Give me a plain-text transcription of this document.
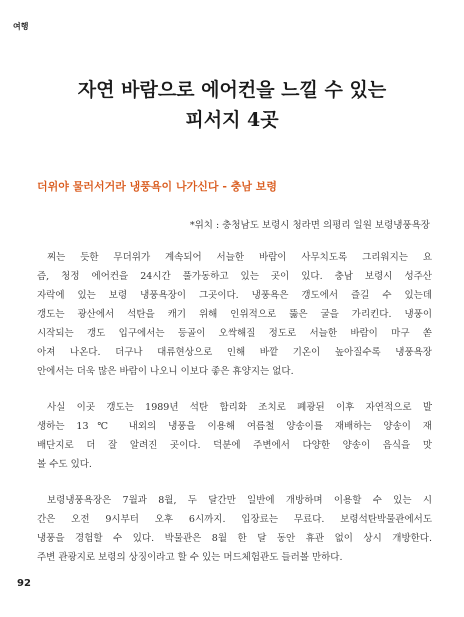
여행

자연 바람으로 에어컨을 느낄 수 있는
피서지 4곳
더위야 물러서거라 냉풍욕이 나가신다 - 충남 보령

*위치 : 충청남도 보령시 청라면 의평리 일원 보령냉풍욕장

찌는 듯한 무더위가 계속되어 서늘한 바람이 사무치도록 그리워지는 요
즘, 청정 에어컨을 24시간 풀가동하고 있는 곳이 있다. 충남 보령시 성주산
자락에 있는 보령 냉풍욕장이 그곳이다. 냉풍욕은 갱도에서 즐길 수 있는데
갱도는 광산에서 석탄을 캐기 위해 인위적으로 뚫은 굴을 가리킨다. 냉풍이
시작되는 갱도 입구에서는 등골이 오싹해질 정도로 서늘한 바람이 마구 쏟
아져 나온다. 더구나 대류현상으로 인해 바깥 기온이 높아질수록 냉풍욕장
안에서는 더욱 많은 바람이 나오니 이보다 좋은 휴양지는 없다.

사실 이곳 갱도는 1989년 석탄 합리화 조치로 폐광된 이후 자연적으로 발
생하는 13℃ 내외의 냉풍을 이용해 여름철 양송이를 재배하는 양송이 재
배단지로 더 잘 알려진 곳이다. 덕분에 주변에서 다양한 양송이 음식을 맛
볼 수도 있다.

보령냉풍욕장은 7월과 8월, 두 달간만 일반에 개방하며 이용할 수 있는 시
간은 오전 9시부터 오후 6시까지. 입장료는 무료다. 보령석탄박물관에서도
냉풍을 경험할 수 있다. 박물관은 8월 한 달 동안 휴관 없이 상시 개방한다.
주변 관광지로 보령의 상징이라고 할 수 있는 머드체험관도 들러볼 만하다.

92
